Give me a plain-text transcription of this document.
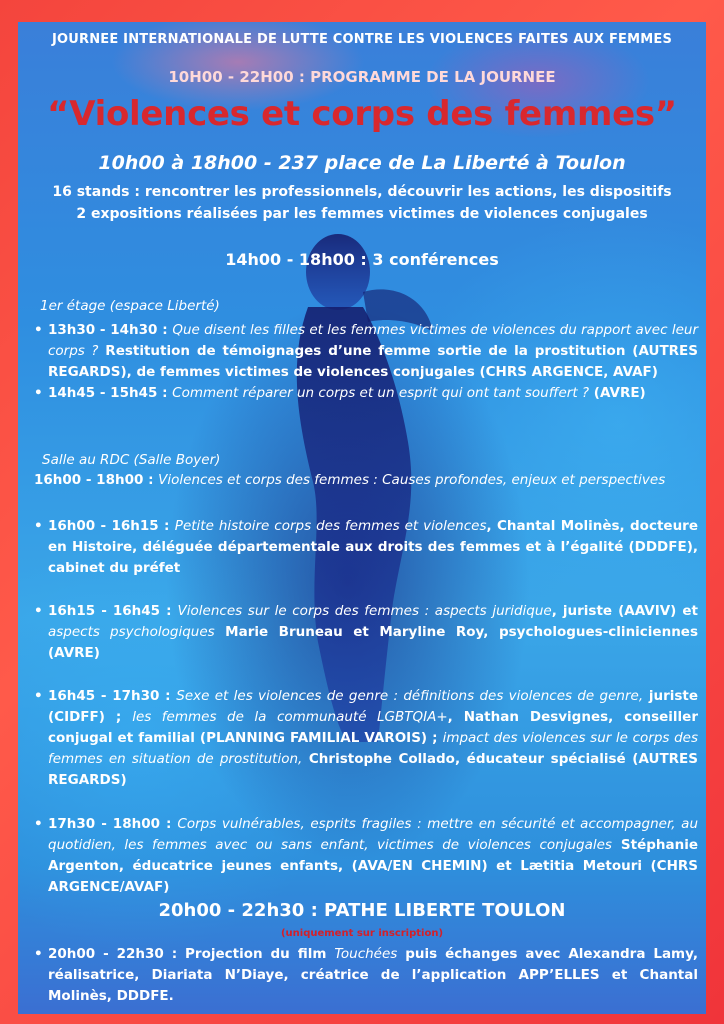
JOURNEE INTERNATIONALE DE LUTTE CONTRE LES VIOLENCES FAITES AUX FEMMES
10H00 - 22H00 : PROGRAMME DE LA JOURNEE
“Violences et corps des femmes”
10h00 à 18h00 - 237 place de La Liberté à Toulon
16 stands : rencontrer les professionnels, découvrir les actions, les dispositifs
2 expositions réalisées par les femmes victimes de violences conjugales
14h00 - 18h00 : 3 conférences
1er étage (espace Liberté)
• 13h30 - 14h30 : Que disent les filles et les femmes victimes de violences du rapport avec leur corps ? Restitution de témoignages d’une femme sortie de la prostitution (AUTRES REGARDS), de femmes victimes de violences conjugales (CHRS ARGENCE, AVAF)
• 14h45 - 15h45 : Comment réparer un corps et un esprit qui ont tant souffert ? (AVRE)
Salle au RDC (Salle Boyer)
16h00 - 18h00 : Violences et corps des femmes : Causes profondes, enjeux et perspectives
• 16h00 - 16h15 : Petite histoire corps des femmes et violences, Chantal Molinès, docteure en Histoire, déléguée départementale aux droits des femmes et à l’égalité (DDDFE), cabinet du préfet
• 16h15 - 16h45 : Violences sur le corps des femmes : aspects juridique, juriste (AAVIV) et aspects psychologiques Marie Bruneau et Maryline Roy, psychologues-cliniciennes (AVRE)
• 16h45 - 17h30 : Sexe et les violences de genre : définitions des violences de genre, juriste (CIDFF) ; les femmes de la communauté LGBTQIA+, Nathan Desvignes, conseiller conjugal et familial (PLANNING FAMILIAL VAROIS) ; impact des violences sur le corps des femmes en situation de prostitution, Christophe Collado, éducateur spécialisé (AUTRES REGARDS)
• 17h30 - 18h00 : Corps vulnérables, esprits fragiles : mettre en sécurité et accompagner, au quotidien, les femmes avec ou sans enfant, victimes de violences conjugales Stéphanie Argenton, éducatrice jeunes enfants, (AVA/EN CHEMIN) et Lætitia Metouri (CHRS ARGENCE/AVAF)
20h00 - 22h30 : PATHE LIBERTE TOULON
(uniquement sur inscription)
• 20h00 - 22h30 : Projection du film Touchées puis échanges avec Alexandra Lamy, réalisatrice, Diariata N’Diaye, créatrice de l’application APP’ELLES et Chantal Molinès, DDDFE.
